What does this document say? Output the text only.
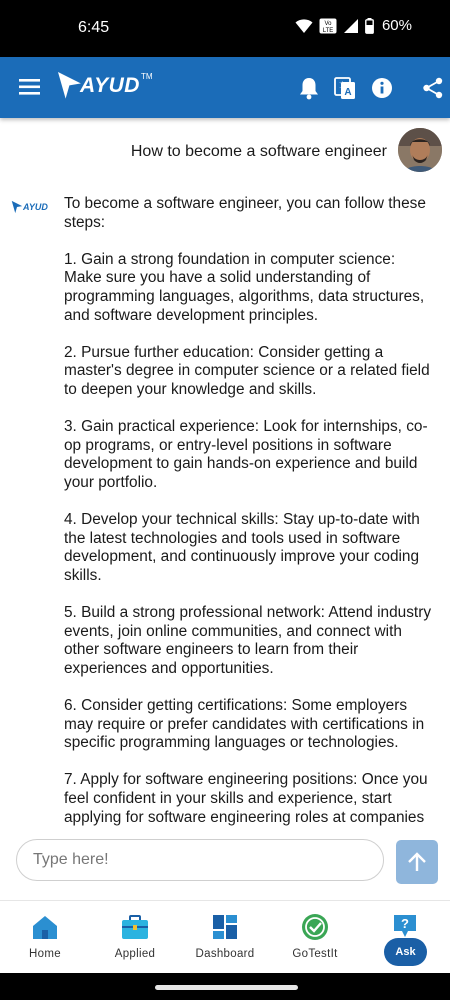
6:45	Vo
LTE	60%
AYUD TM
A
文
How to become a software engineer
AYUD To become a software engineer, you can follow these steps:

1. Gain a strong foundation in computer science: Make sure you have a solid understanding of programming languages, algorithms, data structures, and software development principles.

2. Pursue further education: Consider getting a master's degree in computer science or a related field to deepen your knowledge and skills.

3. Gain practical experience: Look for internships, co-op programs, or entry-level positions in software development to gain hands-on experience and build your portfolio.

4. Develop your technical skills: Stay up-to-date with the latest technologies and tools used in software development, and continuously improve your coding skills.

5. Build a strong professional network: Attend industry events, join online communities, and connect with other software engineers to learn from their experiences and opportunities.

6. Consider getting certifications: Some employers may require or prefer candidates with certifications in specific programming languages or technologies.

7. Apply for software engineering positions: Once you feel confident in your skills and experience, start applying for software engineering roles at companies
Type here!
Home	Applied	Dashboard	GoTestIt
?
Ask
